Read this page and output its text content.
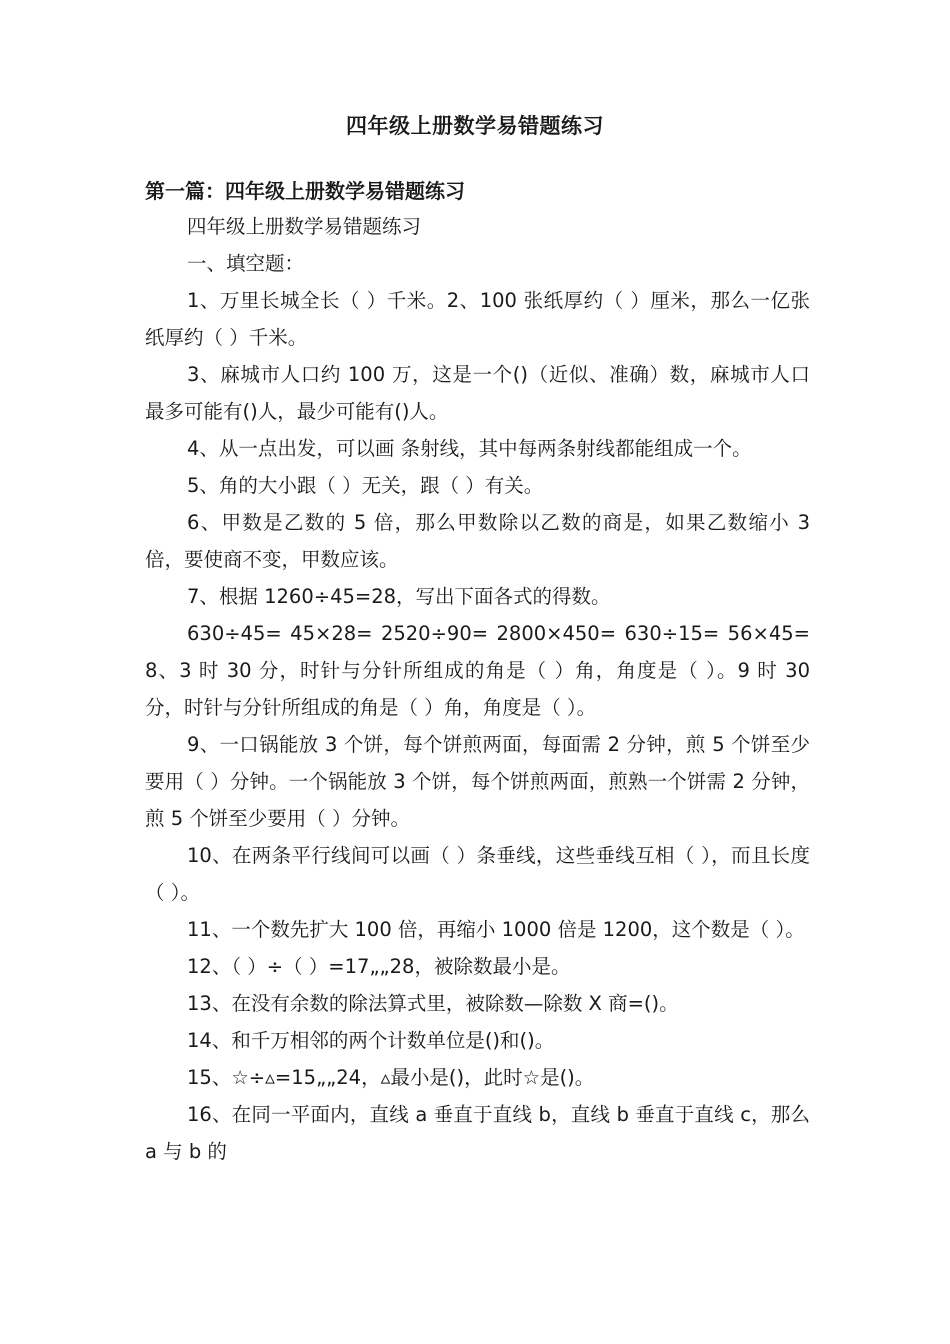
四年级上册数学易错题练习
第一篇：四年级上册数学易错题练习

四年级上册数学易错题练习

一、填空题：

1、万里长城全长（ ）千米。2、100 张纸厚约（ ）厘米，那么一亿张纸厚约（ ）千米。

3、麻城市人口约 100 万，这是一个()（近似、准确）数，麻城市人口最多可能有()人，最少可能有()人。

4、从一点出发，可以画 条射线，其中每两条射线都能组成一个。

5、角的大小跟（ ）无关，跟（ ）有关。

6、甲数是乙数的 5 倍，那么甲数除以乙数的商是，如果乙数缩小 3 倍，要使商不变，甲数应该。

7、根据 1260÷45=28，写出下面各式的得数。

630÷45= 45×28= 2520÷90= 2800×450= 630÷15= 56×45= 8、3 时 30 分，时针与分针所组成的角是（ ）角，角度是（ ）。9 时 30 分，时针与分针所组成的角是（ ）角，角度是（ ）。

9、一口锅能放 3 个饼，每个饼煎两面，每面需 2 分钟，煎 5 个饼至少要用（ ）分钟。一个锅能放 3 个饼，每个饼煎两面，煎熟一个饼需 2 分钟，煎 5 个饼至少要用（ ）分钟。

10、在两条平行线间可以画（ ）条垂线，这些垂线互相（ ），而且长度（ ）。

11、一个数先扩大 100 倍，再缩小 1000 倍是 1200，这个数是（ ）。

12、（ ）÷（ ）=17„„28，被除数最小是。

13、在没有余数的除法算式里，被除数—除数 X 商=()。

14、和千万相邻的两个计数单位是()和()。

15、☆÷▵=15„„24，▵最小是()，此时☆是()。

16、在同一平面内，直线 a 垂直于直线 b，直线 b 垂直于直线 c，那么 a 与 b 的
